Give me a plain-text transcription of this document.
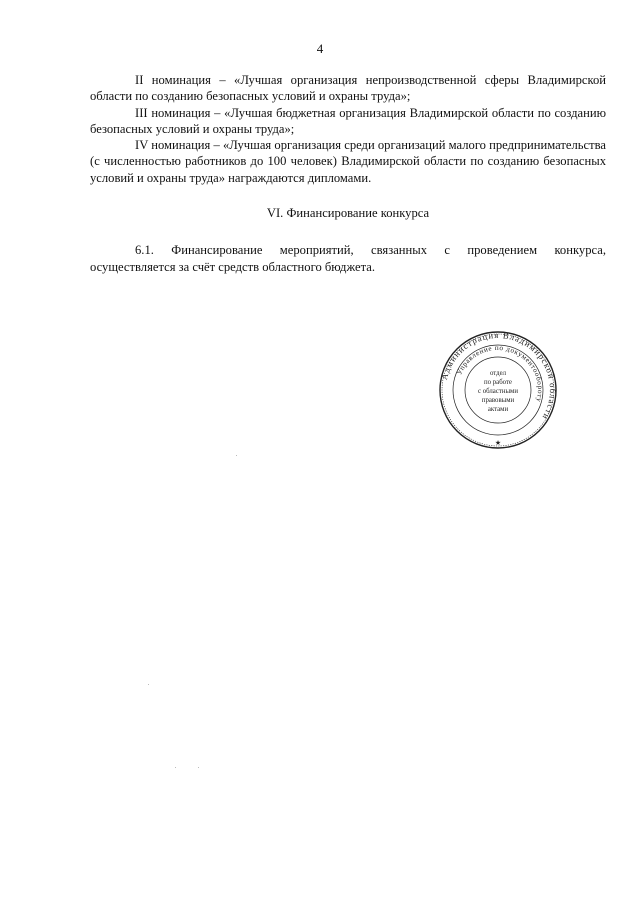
4

II номинация – «Лучшая организация непроизводственной сферы Владимирской области по созданию безопасных условий и охраны труда»;

III номинация – «Лучшая бюджетная организация Владимирской области по созданию безопасных условий и охраны труда»;

IV номинация – «Лучшая организация среди организаций малого предпринимательства (с численностью работников до 100 человек) Владимирской области по созданию безопасных условий и охраны труда» награждаются дипломами.

VI. Финансирование конкурса

6.1. Финансирование мероприятий, связанных с проведением конкурса, осуществляется за счёт средств областного бюджета.

Администрация Владимирской области
Управление по документообороту
отдел
по работе
с областными
правовыми
актами
★
